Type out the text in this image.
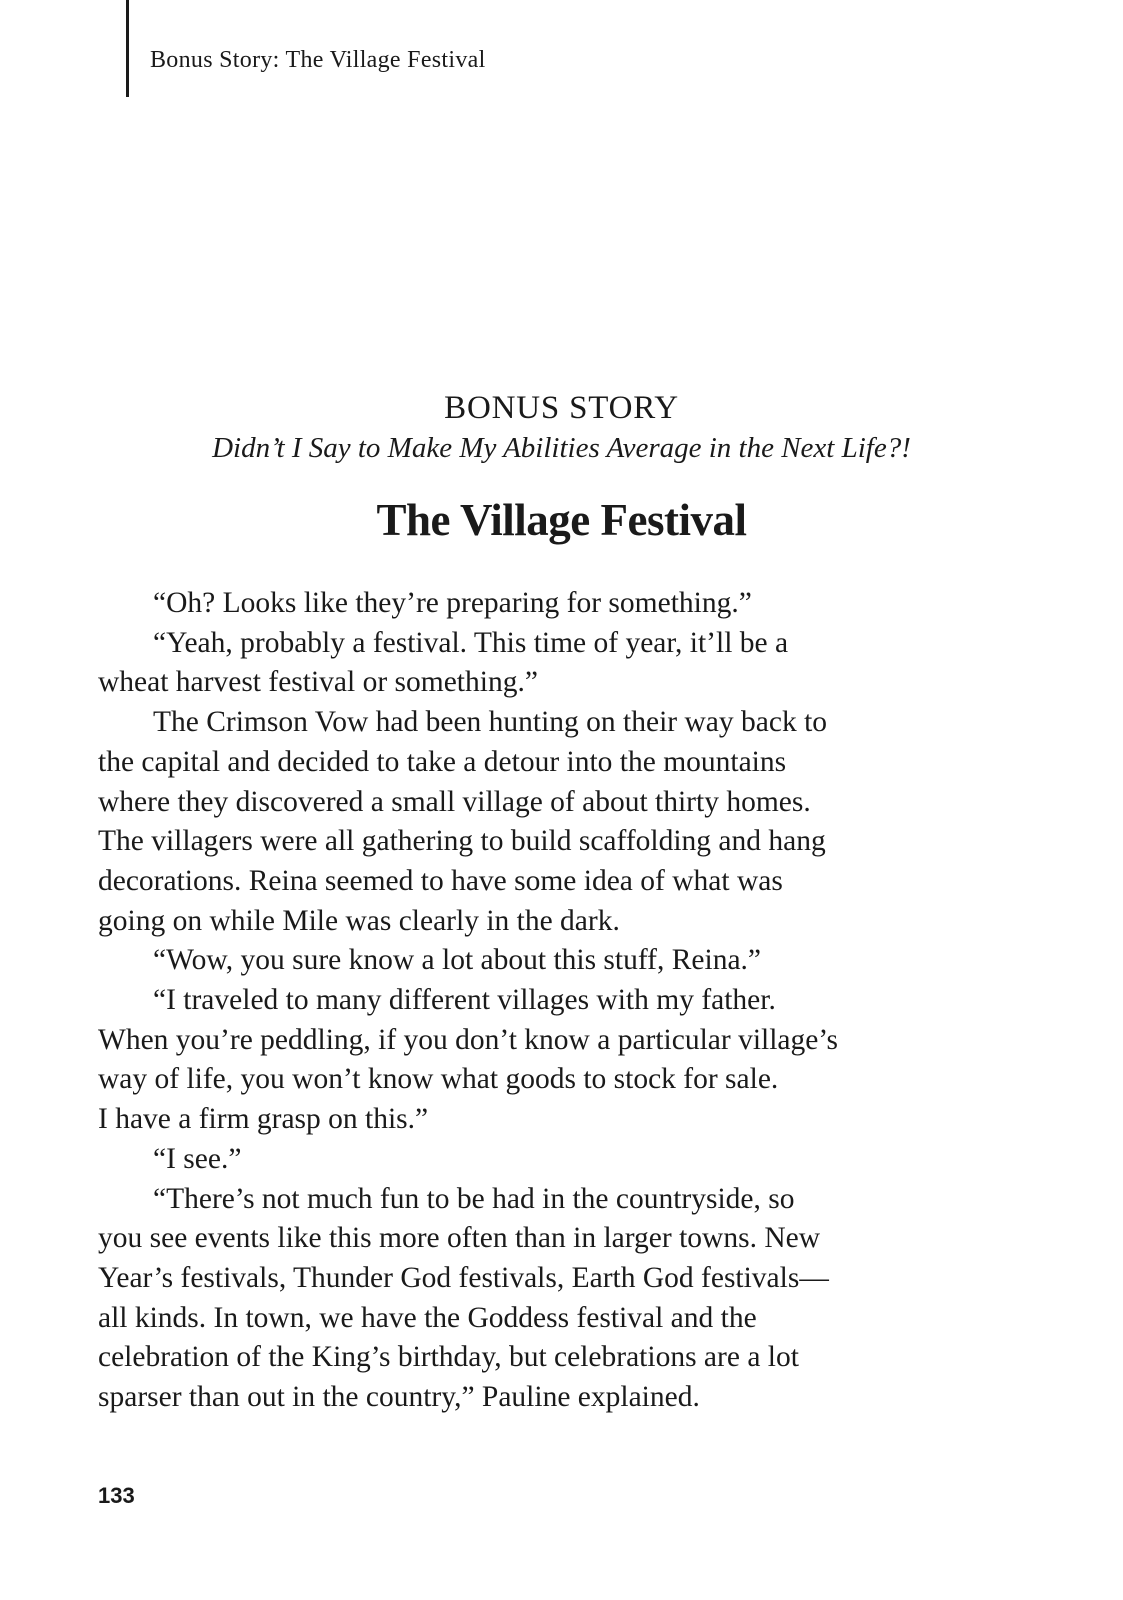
Bonus Story: The Village Festival
BONUS STORY
Didn’t I Say to Make My Abilities Average in the Next Life?!
The Village Festival
“Oh? Looks like they’re preparing for something.”
“Yeah, probably a festival. This time of year, it’ll be a
wheat harvest festival or something.”
The Crimson Vow had been hunting on their way back to
the capital and decided to take a detour into the mountains
where they discovered a small village of about thirty homes.
The villagers were all gathering to build scaffolding and hang
decorations. Reina seemed to have some idea of what was
going on while Mile was clearly in the dark.
“Wow, you sure know a lot about this stuff, Reina.”
“I traveled to many different villages with my father.
When you’re peddling, if you don’t know a particular village’s
way of life, you won’t know what goods to stock for sale.
I have a firm grasp on this.”
“I see.”
“There’s not much fun to be had in the countryside, so
you see events like this more often than in larger towns. New
Year’s festivals, Thunder God festivals, Earth God festivals—
all kinds. In town, we have the Goddess festival and the
celebration of the King’s birthday, but celebrations are a lot
sparser than out in the country,” Pauline explained.
133
